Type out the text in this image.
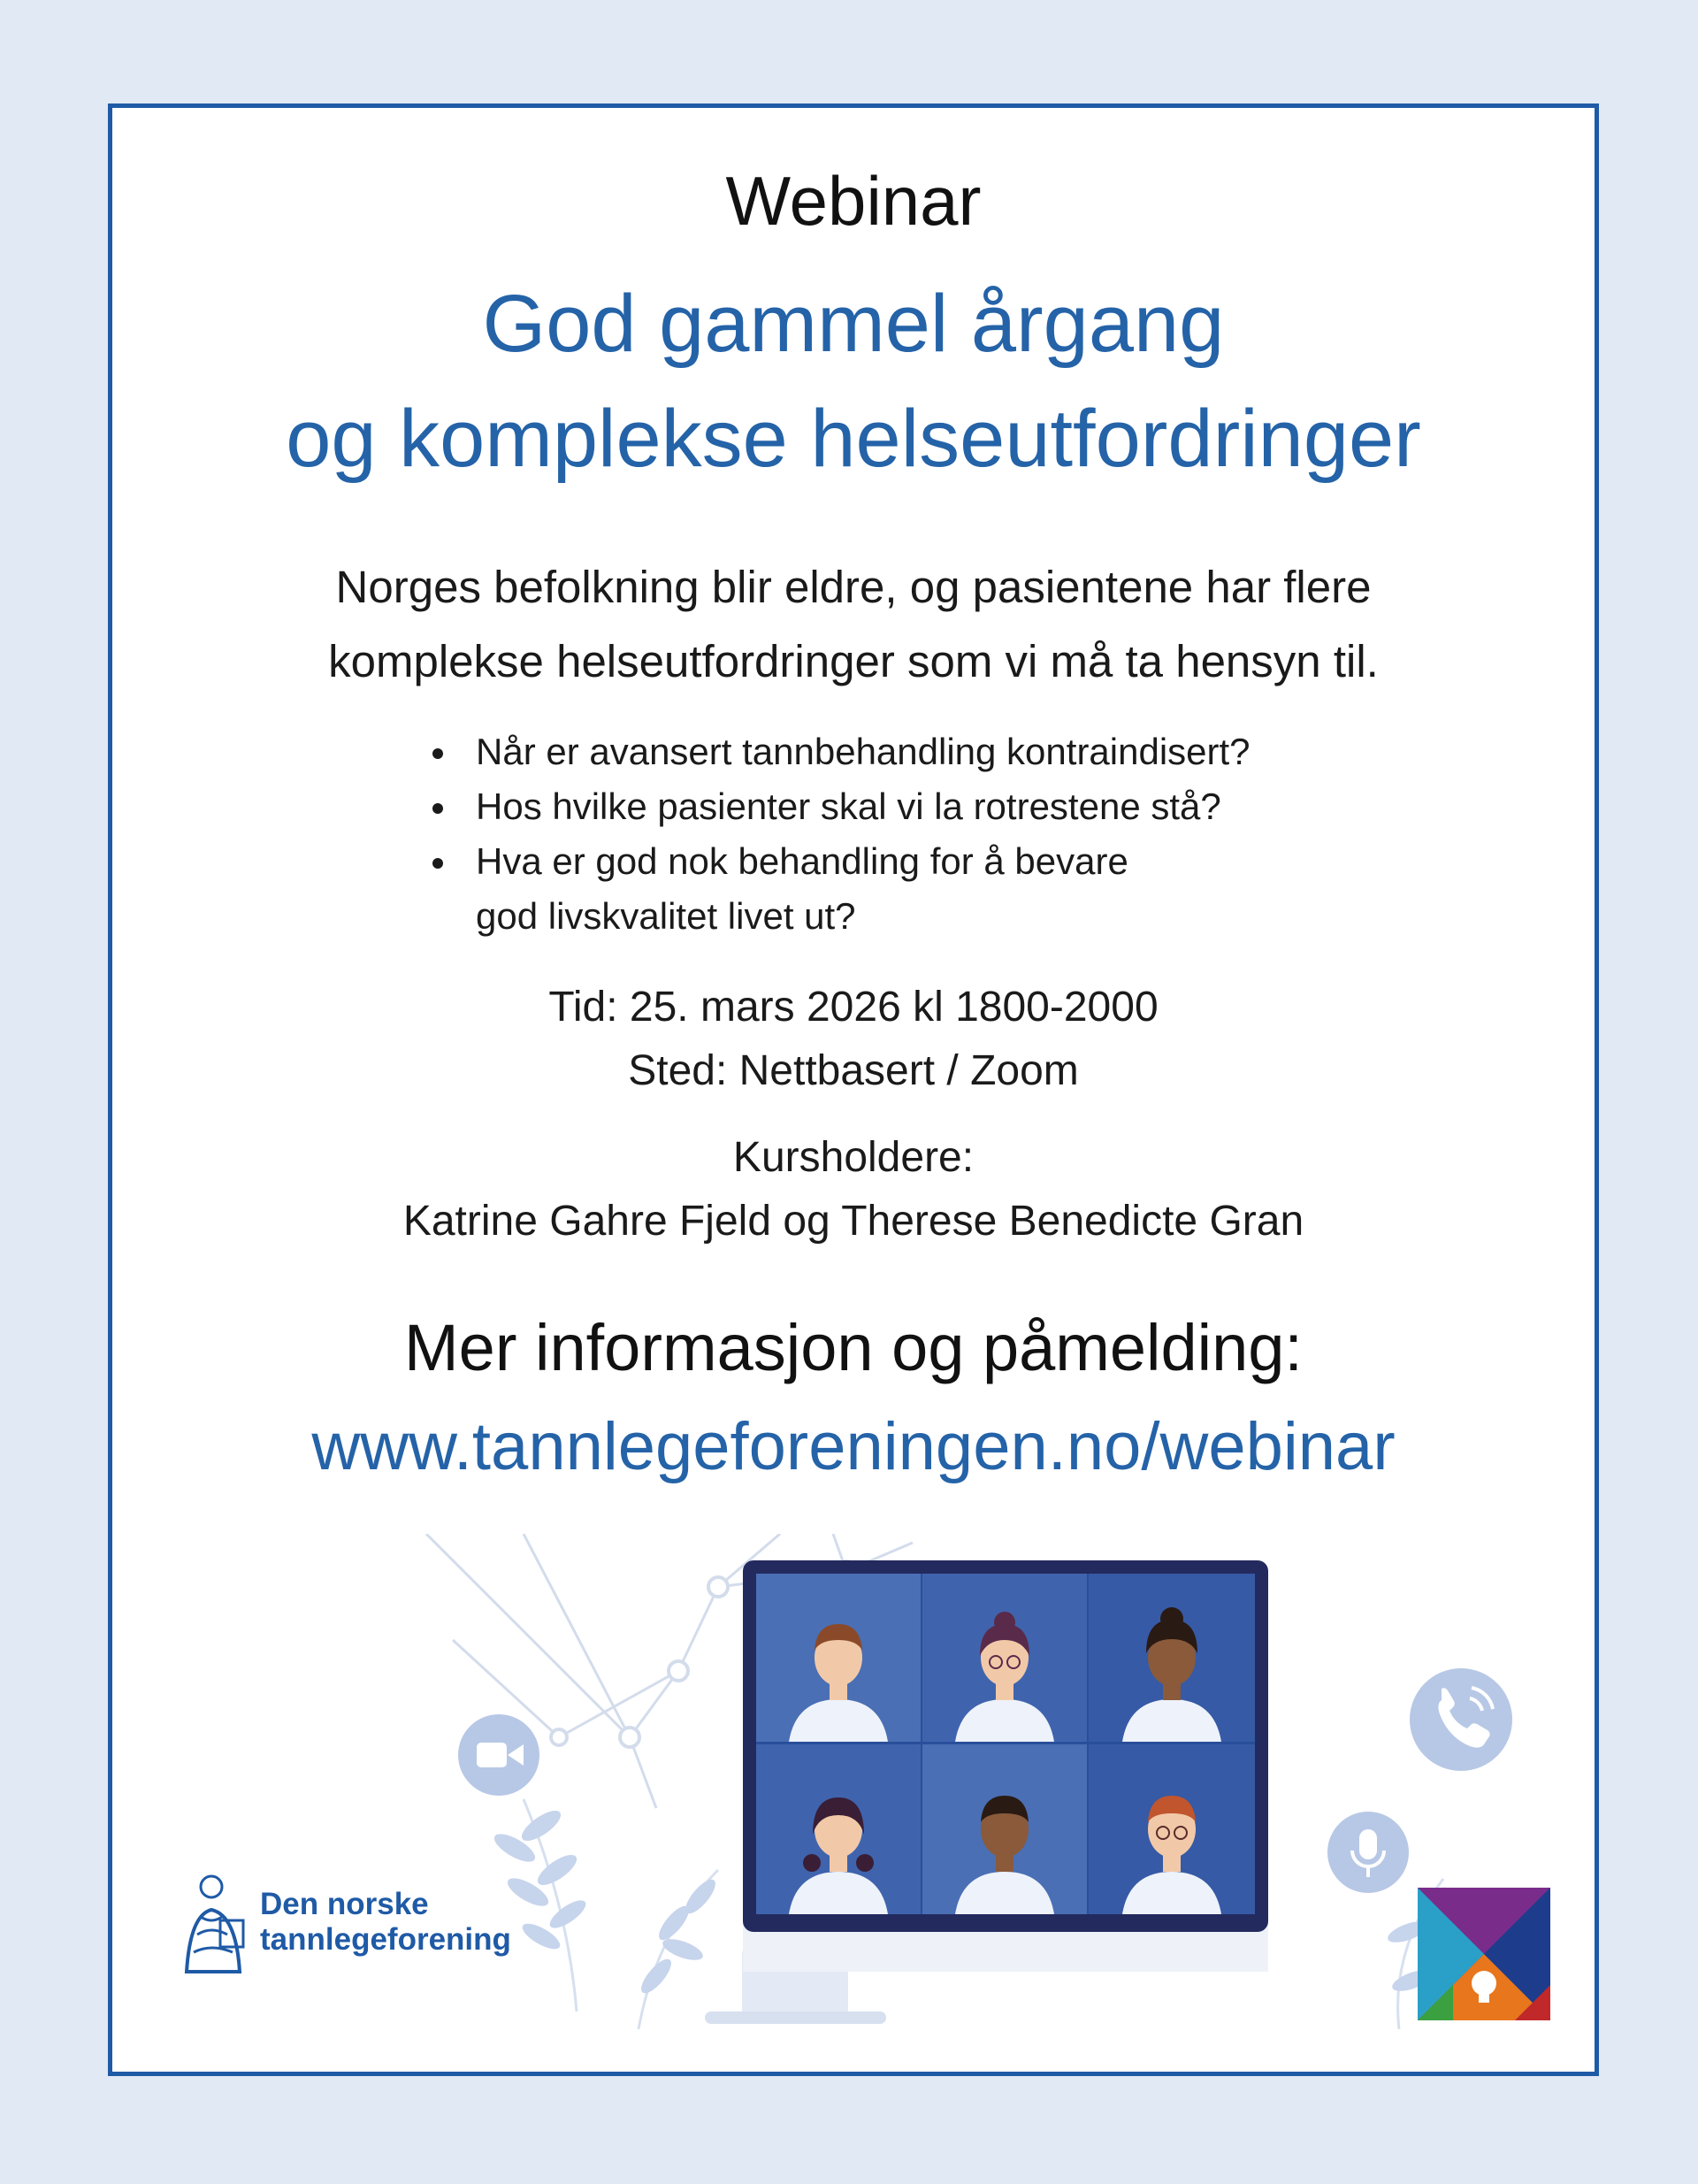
Webinar
God gammel årgang
og komplekse helseutfordringer
Norges befolkning blir eldre, og pasientene har flere
komplekse helseutfordringer som vi må ta hensyn til.
Når er avansert tannbehandling kontraindisert?
Hos hvilke pasienter skal vi la rotrestene stå?
Hva er god nok behandling for å bevare
god livskvalitet livet ut?
Tid: 25. mars 2026 kl 1800-2000
Sted: Nettbasert / Zoom
Kursholdere:
Katrine Gahre Fjeld og Therese Benedicte Gran
Mer informasjon og påmelding:
www.tannlegeforeningen.no/webinar
Den norske
tannlegeforening
